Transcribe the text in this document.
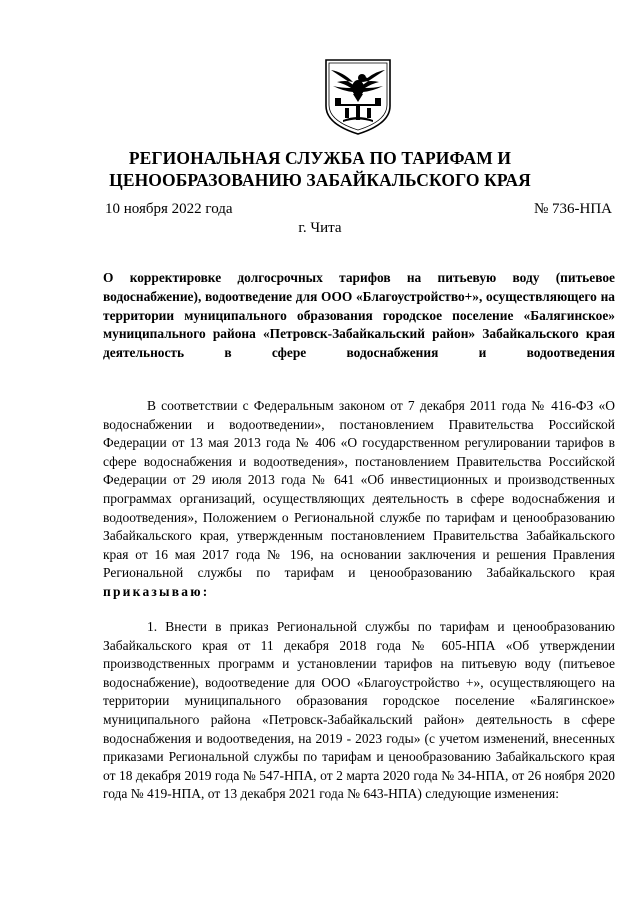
РЕГИОНАЛЬНАЯ СЛУЖБА ПО ТАРИФАМ И
ЦЕНООБРАЗОВАНИЮ ЗАБАЙКАЛЬСКОГО КРАЯ
10 ноября 2022 года	№ 736-НПА
г. Чита

О корректировке долгосрочных тарифов на питьевую воду (питьевое водоснабжение), водоотведение для ООО «Благоустройство+», осуществляющего на территории муниципального образования городское поселение «Балягинское» муниципального района «Петровск-Забайкальский район» Забайкальского края деятельность в сфере водоснабжения и водоотведения

В соответствии с Федеральным законом от 7 декабря 2011 года № 416-ФЗ «О водоснабжении и водоотведении», постановлением Правительства Российской Федерации от 13 мая 2013 года № 406 «О государственном регулировании тарифов в сфере водоснабжения и водоотведения», постановлением Правительства Российской Федерации от 29 июля 2013 года № 641 «Об инвестиционных и производственных программах организаций, осуществляющих деятельность в сфере водоснабжения и водоотведения», Положением о Региональной службе по тарифам и ценообразованию Забайкальского края, утвержденным постановлением Правительства Забайкальского края от 16 мая 2017 года № 196, на основании заключения и решения Правления Региональной службы по тарифам и ценообразованию Забайкальского края приказываю:

1. Внести в приказ Региональной службы по тарифам и ценообразованию Забайкальского края от 11 декабря 2018 года № 605-НПА «Об утверждении производственных программ и установлении тарифов на питьевую воду (питьевое водоснабжение), водоотведение для ООО «Благоустройство +», осуществляющего на территории муниципального образования городское поселение «Балягинское» муниципального района «Петровск-Забайкальский район» деятельность в сфере водоснабжения и водоотведения, на 2019 - 2023 годы» (с учетом изменений, внесенных приказами Региональной службы по тарифам и ценообразованию Забайкальского края от 18 декабря 2019 года № 547-НПА, от 2 марта 2020 года № 34-НПА, от 26 ноября 2020 года № 419-НПА, от 13 декабря 2021 года № 643-НПА) следующие изменения:
